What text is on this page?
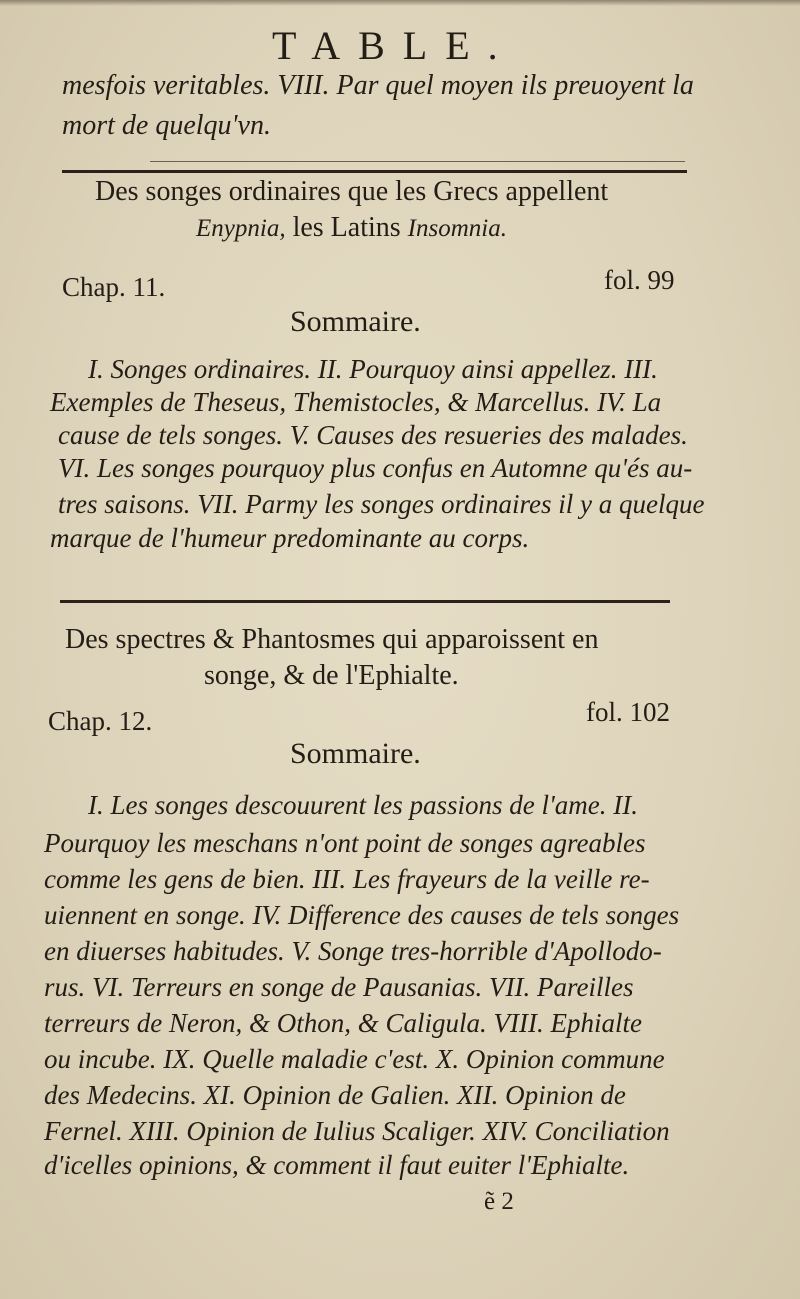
TABLE.
mesfois veritables. VIII. Par quel moyen ils preuoyent la
mort de quelqu'vn.
Des songes ordinaires que les Grecs appellent
Enypnia, les Latins Insomnia.
Chap. 11.	fol. 99
Sommaire.
I. Songes ordinaires. II. Pourquoy ainsi appellez. III.
Exemples de Theseus, Themistocles, & Marcellus. IV. La
cause de tels songes. V. Causes des resueries des malades.
VI. Les songes pourquoy plus confus en Automne qu'és au-
tres saisons. VII. Parmy les songes ordinaires il y a quelque
marque de l'humeur predominante au corps.
Des spectres & Phantosmes qui apparoissent en
songe, & de l'Ephialte.
Chap. 12.	fol. 102
Sommaire.
I. Les songes descouurent les passions de l'ame. II.
Pourquoy les meschans n'ont point de songes agreables
comme les gens de bien. III. Les frayeurs de la veille re-
uiennent en songe. IV. Difference des causes de tels songes
en diuerses habitudes. V. Songe tres-horrible d'Apollodo-
rus. VI. Terreurs en songe de Pausanias. VII. Pareilles
terreurs de Neron, & Othon, & Caligula. VIII. Ephialte
ou incube. IX. Quelle maladie c'est. X. Opinion commune
des Medecins. XI. Opinion de Galien. XII. Opinion de
Fernel. XIII. Opinion de Iulius Scaliger. XIV. Conciliation
d'icelles opinions, & comment il faut euiter l'Ephialte.
ẽ 2
